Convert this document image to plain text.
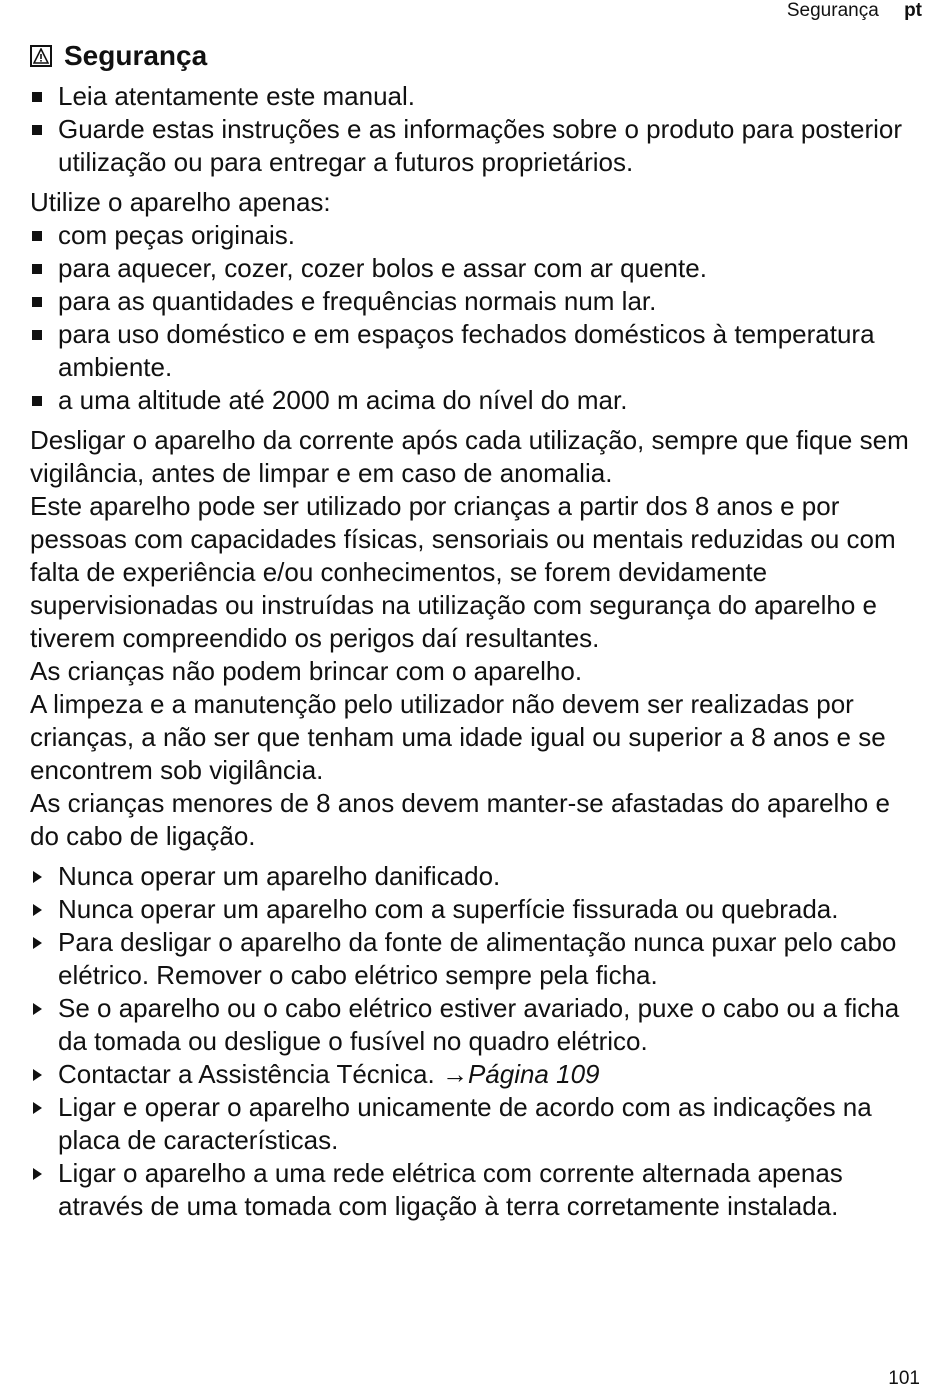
Segurança pt
Segurança
Leia atentamente este manual.
Guarde estas instruções e as informações sobre o produto para posterior utilização ou para entregar a futuros proprietários.

Utilize o aparelho apenas:

com peças originais.
para aquecer, cozer, cozer bolos e assar com ar quente.
para as quantidades e frequências normais num lar.
para uso doméstico e em espaços fechados domésticos à temperatura ambiente.
a uma altitude até 2000 m acima do nível do mar.

Desligar o aparelho da corrente após cada utilização, sempre que fique sem vigilância, antes de limpar e em caso de anomalia.

Este aparelho pode ser utilizado por crianças a partir dos 8 anos e por pessoas com capacidades físicas, sensoriais ou mentais reduzidas ou com falta de experiência e/ou conhecimentos, se forem devidamente supervisionadas ou instruídas na utilização com segurança do aparelho e tiverem compreendido os perigos daí resultantes.

As crianças não podem brincar com o aparelho.

A limpeza e a manutenção pelo utilizador não devem ser realizadas por crianças, a não ser que tenham uma idade igual ou superior a 8 anos e se encontrem sob vigilância.

As crianças menores de 8 anos devem manter-se afastadas do aparelho e do cabo de ligação.

Nunca operar um aparelho danificado.
Nunca operar um aparelho com a superfície fissurada ou quebrada.
Para desligar o aparelho da fonte de alimentação nunca puxar pelo cabo elétrico. Remover o cabo elétrico sempre pela ficha.
Se o aparelho ou o cabo elétrico estiver avariado, puxe o cabo ou a ficha da tomada ou desligue o fusível no quadro elétrico.
Contactar a Assistência Técnica. →Página 109
Ligar e operar o aparelho unicamente de acordo com as indicações na placa de características.
Ligar o aparelho a uma rede elétrica com corrente alternada apenas através de uma tomada com ligação à terra corretamente instalada.
101
